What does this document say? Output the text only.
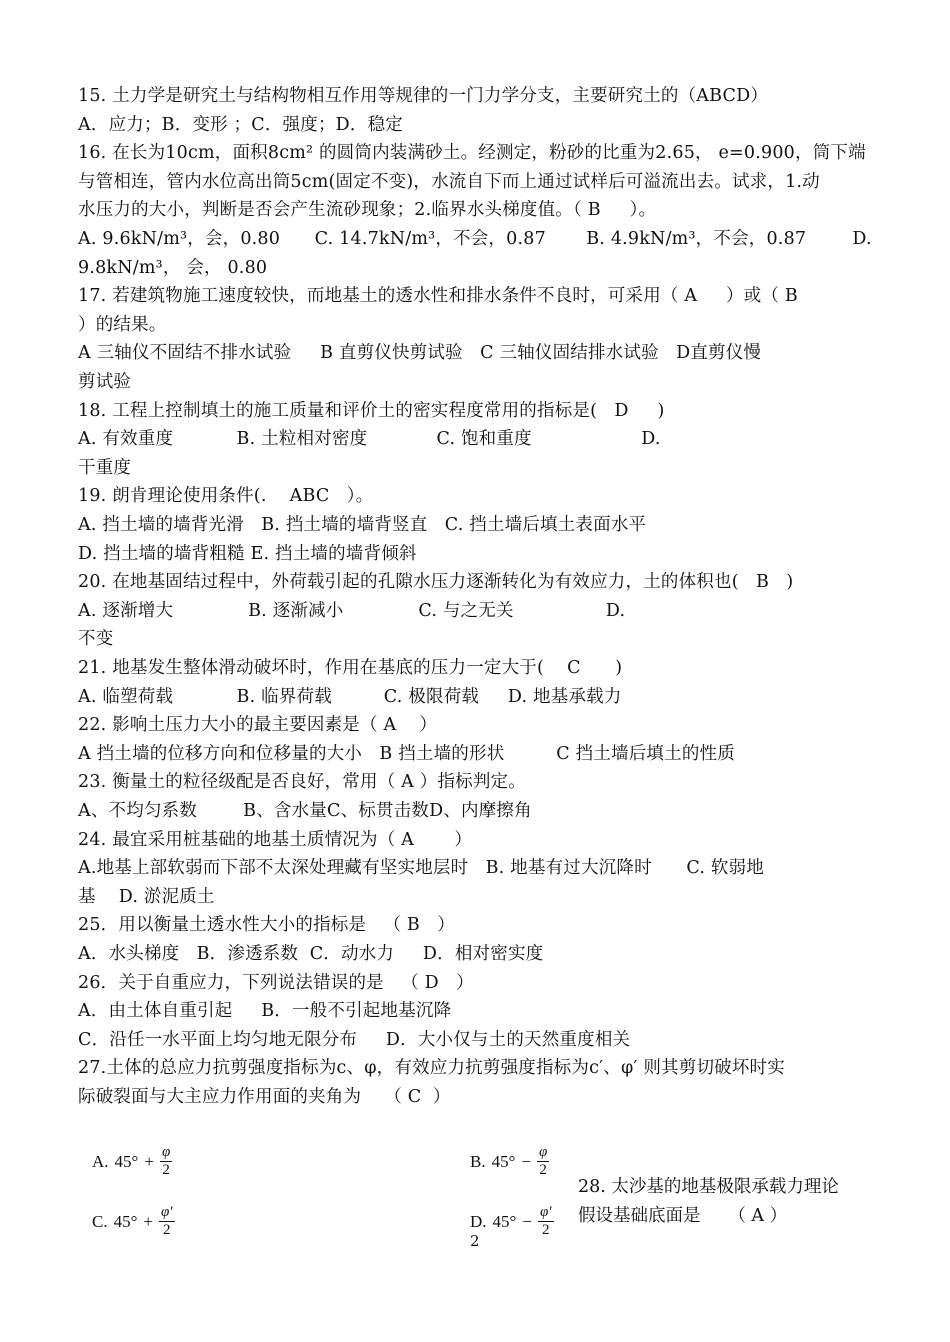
15. 土力学是研究土与结构物相互作用等规律的一门力学分支，主要研究土的（ABCD）
A．应力；B．变形 ；C．强度；D．稳定
16. 在长为10cm，面积8cm² 的圆筒内装满砂土。经测定，粉砂的比重为2.65， e=0.900，筒下端
与管相连，管内水位高出筒5cm(固定不变)，水流自下而上通过试样后可溢流出去。试求，1.动
水压力的大小，判断是否会产生流砂现象；2.临界水头梯度值。（ B     ）。
A. 9.6kN/m³，会，0.80      C. 14.7kN/m³，不会，0.87       B. 4.9kN/m³，不会，0.87        D.
9.8kN/m³， 会， 0.80
17. 若建筑物施工速度较快，而地基土的透水性和排水条件不良时，可采用（ A     ）或（ B
）的结果。
A 三轴仪不固结不排水试验     B 直剪仪快剪试验   C 三轴仪固结排水试验   D直剪仪慢
剪试验
18. 工程上控制填土的施工质量和评价土的密实程度常用的指标是(   D     )
A. 有效重度           B. 土粒相对密度            C. 饱和重度                   D.
干重度
19. 朗肯理论使用条件(.    ABC   ）。
A. 挡土墙的墙背光滑   B. 挡土墙的墙背竖直   C. 挡土墙后填土表面水平
D. 挡土墙的墙背粗糙 E. 挡土墙的墙背倾斜
20. 在地基固结过程中，外荷载引起的孔隙水压力逐渐转化为有效应力，土的体积也(   B   )
A. 逐渐增大             B. 逐渐减小             C. 与之无关                D.
不变
21. 地基发生整体滑动破坏时，作用在基底的压力一定大于(    C      )
A. 临塑荷载           B. 临界荷载         C. 极限荷载     D. 地基承载力
22. 影响土压力大小的最主要因素是（ A    ）
A 挡土墙的位移方向和位移量的大小   B 挡土墙的形状         C 挡土墙后填土的性质
23. 衡量土的粒径级配是否良好，常用（ A ）指标判定。
A、不均匀系数        B、含水量C、标贯击数D、内摩擦角
24. 最宜采用桩基础的地基土质情况为（ A       ）
A.地基上部软弱而下部不太深处理藏有坚实地层时   B. 地基有过大沉降时      C. 软弱地
基    D. 淤泥质土
25．用以衡量土透水性大小的指标是   （ B   ）
A．水头梯度   B．渗透系数  C．动水力     D．相对密实度
26．关于自重应力，下列说法错误的是   （ D   ）
A．由土体自重引起     B．一般不引起地基沉降
C．沿任一水平面上均匀地无限分布     D．大小仅与土的天然重度相关
27.土体的总应力抗剪强度指标为c、φ，有效应力抗剪强度指标为c′、φ′ 则其剪切破坏时实
际破裂面与大主应力作用面的夹角为    （ C  ）
A. $45^\circ + \frac{\varphi}{2}$	B. $45^\circ - \frac{\varphi}{2}$
C. $45^\circ + \frac{\varphi'}{2}$	D. $45^\circ - \frac{\varphi'}{2}$
28. 太沙基的地基极限承载力理论
假设基础底面是     （ A ）
2
